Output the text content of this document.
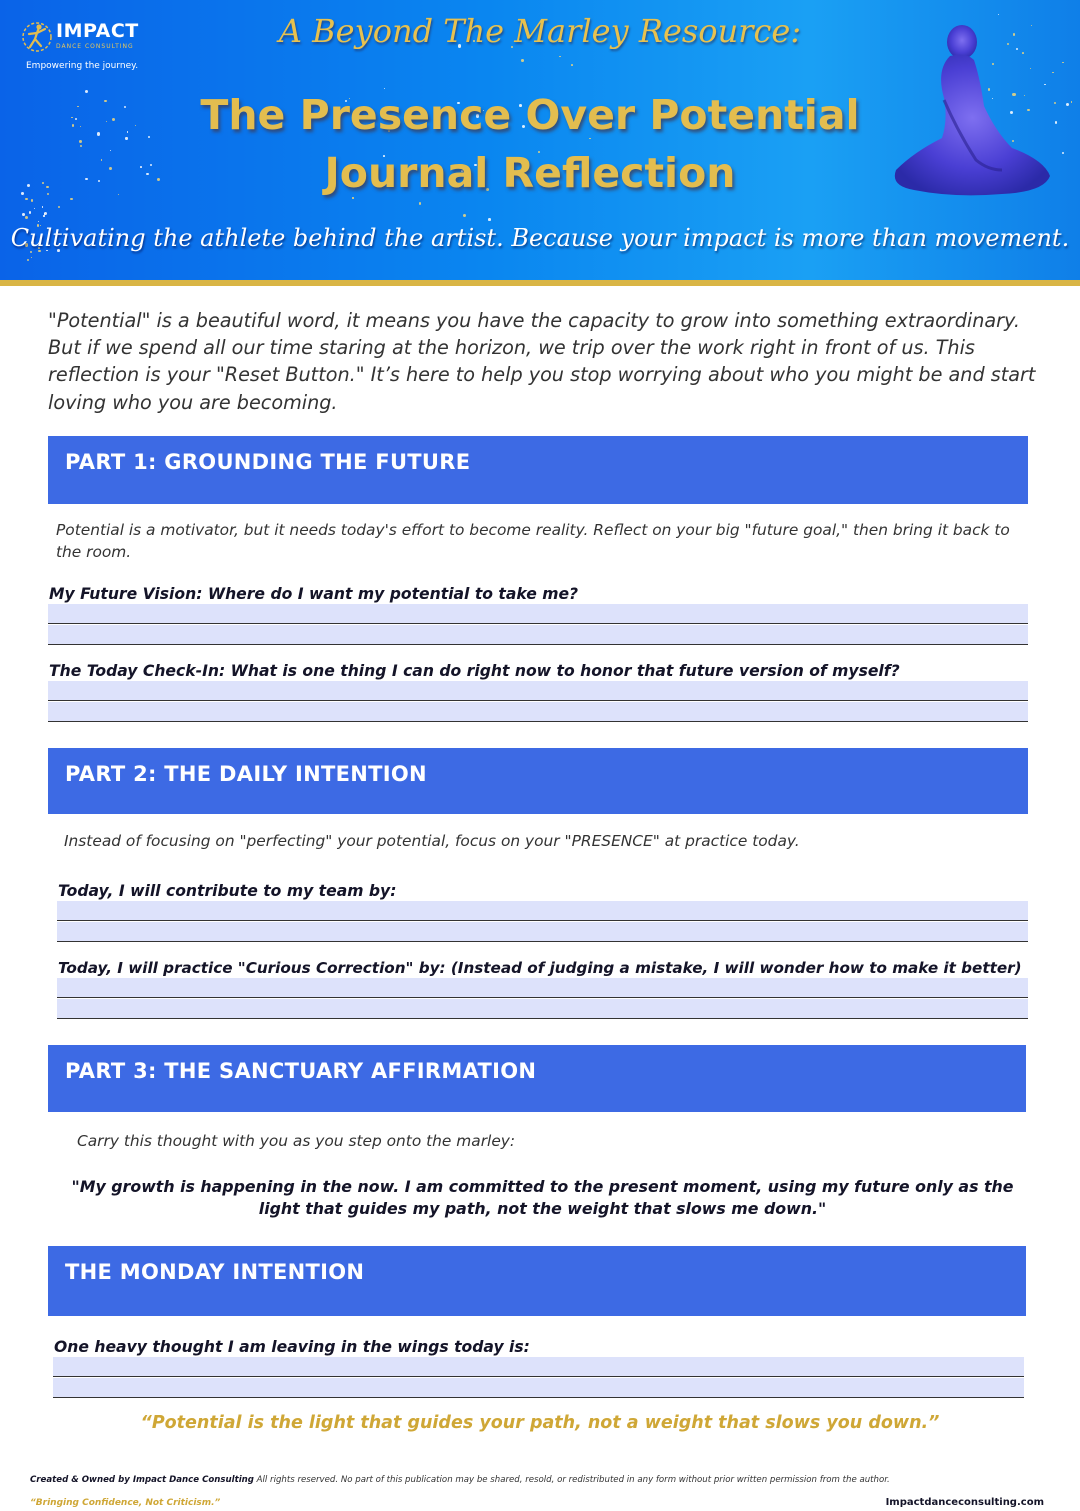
IMPACT
DANCE CONSULTING
Empowering the journey.
A Beyond The Marley Resource:
The Presence Over Potential
Journal Reflection
Cultivating the athlete behind the artist. Because your impact is more than movement.
"Potential" is a beautiful word, it means you have the capacity to grow into something extraordinary. But if we spend all our time staring at the horizon, we trip over the work right in front of us. This reflection is your "Reset Button." It’s here to help you stop worrying about who you might be and start loving who you are becoming.
PART 1: GROUNDING THE FUTURE
Potential is a motivator, but it needs today's effort to become reality. Reflect on your big "future goal," then bring it back to the room.
My Future Vision: Where do I want my potential to take me?
The Today Check-In: What is one thing I can do right now to honor that future version of myself?
PART 2: THE DAILY INTENTION
Instead of focusing on "perfecting" your potential, focus on your "PRESENCE" at practice today.
Today, I will contribute to my team by:
Today, I will practice "Curious Correction" by: (Instead of judging a mistake, I will wonder how to make it better)
PART 3: THE SANCTUARY AFFIRMATION
Carry this thought with you as you step onto the marley:
"My growth is happening in the now. I am committed to the present moment, using my future only as the light that guides my path, not the weight that slows me down."
THE MONDAY INTENTION
One heavy thought I am leaving in the wings today is:
“Potential is the light that guides your path, not a weight that slows you down.”
Created & Owned by Impact Dance Consulting All rights reserved. No part of this publication may be shared, resold, or redistributed in any form without prior written permission from the author.
“Bringing Confidence, Not Criticism.”	Impactdanceconsulting.com
